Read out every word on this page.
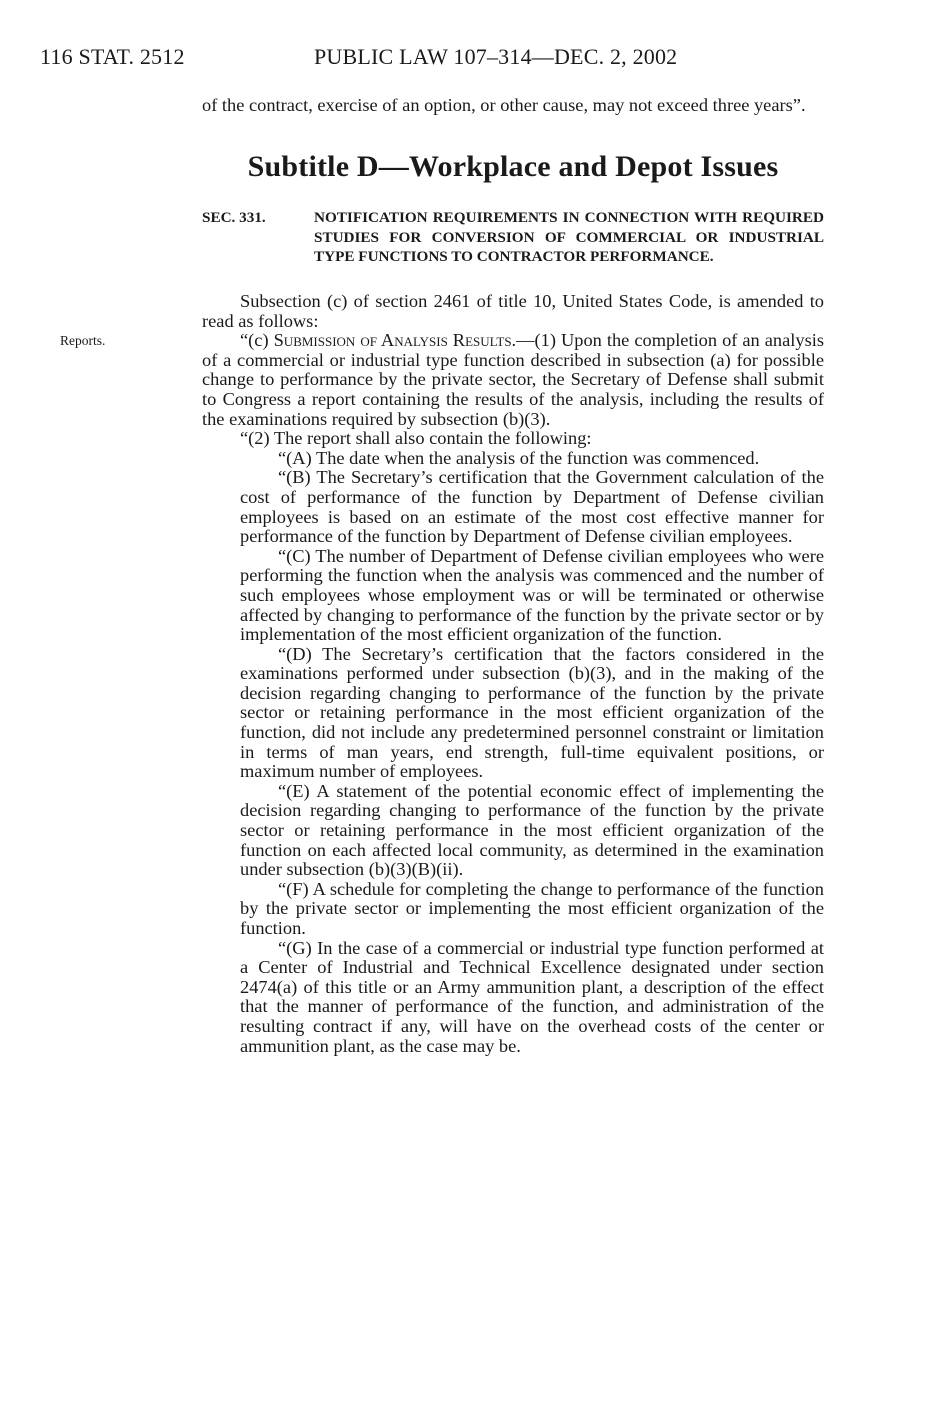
116 STAT. 2512	PUBLIC LAW 107–314—DEC. 2, 2002

of the contract, exercise of an option, or other cause, may not exceed three years”.

Subtitle D—Workplace and Depot Issues
SEC. 331.	NOTIFICATION REQUIREMENTS IN CONNECTION WITH REQUIRED STUDIES FOR CONVERSION OF COMMERCIAL OR INDUSTRIAL TYPE FUNCTIONS TO CONTRACTOR PERFORMANCE.
Reports.

Subsection (c) of section 2461 of title 10, United States Code, is amended to read as follows:

“(c) Submission of Analysis Results.—(1) Upon the completion of an analysis of a commercial or industrial type function described in subsection (a) for possible change to performance by the private sector, the Secretary of Defense shall submit to Congress a report containing the results of the analysis, including the results of the examinations required by subsection (b)(3).

“(2) The report shall also contain the following:

“(A) The date when the analysis of the function was commenced.

“(B) The Secretary’s certification that the Government calculation of the cost of performance of the function by Department of Defense civilian employees is based on an estimate of the most cost effective manner for performance of the function by Department of Defense civilian employees.

“(C) The number of Department of Defense civilian employees who were performing the function when the analysis was commenced and the number of such employees whose employment was or will be terminated or otherwise affected by changing to performance of the function by the private sector or by implementation of the most efficient organization of the function.

“(D) The Secretary’s certification that the factors considered in the examinations performed under subsection (b)(3), and in the making of the decision regarding changing to performance of the function by the private sector or retaining performance in the most efficient organization of the function, did not include any predetermined personnel constraint or limitation in terms of man years, end strength, full-time equivalent positions, or maximum number of employees.

“(E) A statement of the potential economic effect of implementing the decision regarding changing to performance of the function by the private sector or retaining performance in the most efficient organization of the function on each affected local community, as determined in the examination under subsection (b)(3)(B)(ii).

“(F) A schedule for completing the change to performance of the function by the private sector or implementing the most efficient organization of the function.

“(G) In the case of a commercial or industrial type function performed at a Center of Industrial and Technical Excellence designated under section 2474(a) of this title or an Army ammunition plant, a description of the effect that the manner of performance of the function, and administration of the resulting contract if any, will have on the overhead costs of the center or ammunition plant, as the case may be.
